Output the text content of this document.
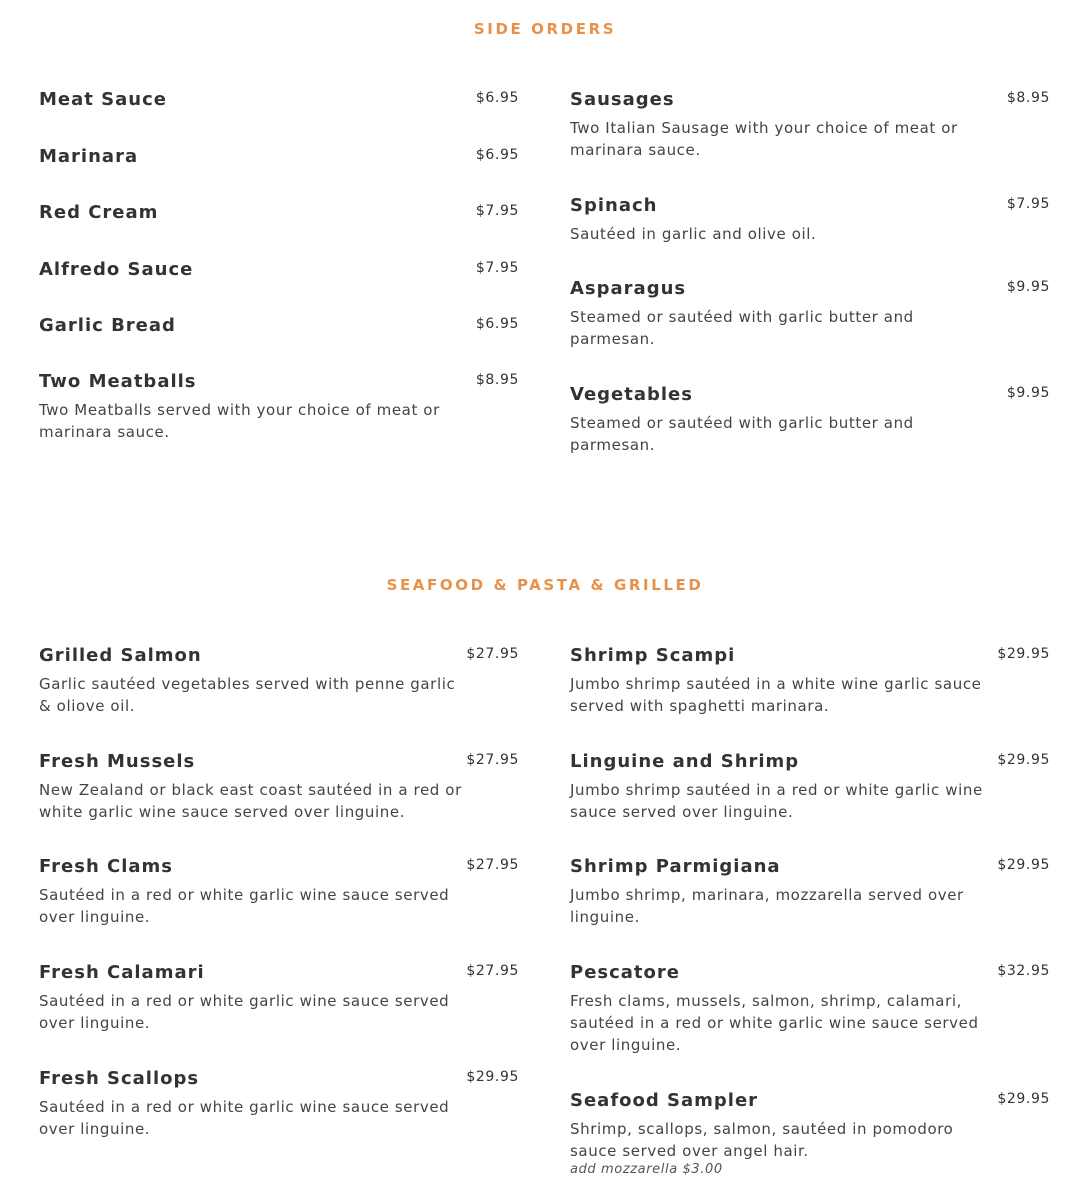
SIDE ORDERS
Meat Sauce	$6.95
Marinara	$6.95
Red Cream	$7.95
Alfredo Sauce	$7.95
Garlic Bread	$6.95
Two Meatballs	$8.95
Two Meatballs served with your choice of meat or marinara sauce.
Sausages	$8.95
Two Italian Sausage with your choice of meat or marinara sauce.
Spinach	$7.95
Sautéed in garlic and olive oil.
Asparagus	$9.95
Steamed or sautéed with garlic butter and parmesan.
Vegetables	$9.95
Steamed or sautéed with garlic butter and parmesan.
SEAFOOD & PASTA & GRILLED
Grilled Salmon	$27.95
Garlic sautéed vegetables served with penne garlic & oliove oil.
Fresh Mussels	$27.95
New Zealand or black east coast sautéed in a red or white garlic wine sauce served over linguine.
Fresh Clams	$27.95
Sautéed in a red or white garlic wine sauce served over linguine.
Fresh Calamari	$27.95
Sautéed in a red or white garlic wine sauce served over linguine.
Fresh Scallops	$29.95
Sautéed in a red or white garlic wine sauce served over linguine.
Shrimp Scampi	$29.95
Jumbo shrimp sautéed in a white wine garlic sauce served with spaghetti marinara.
Linguine and Shrimp	$29.95
Jumbo shrimp sautéed in a red or white garlic wine sauce served over linguine.
Shrimp Parmigiana	$29.95
Jumbo shrimp, marinara, mozzarella served over linguine.
Pescatore	$32.95
Fresh clams, mussels, salmon, shrimp, calamari, sautéed in a red or white garlic wine sauce served over linguine.
Seafood Sampler	$29.95
Shrimp, scallops, salmon, sautéed in pomodoro sauce served over angel hair.
add mozzarella $3.00
